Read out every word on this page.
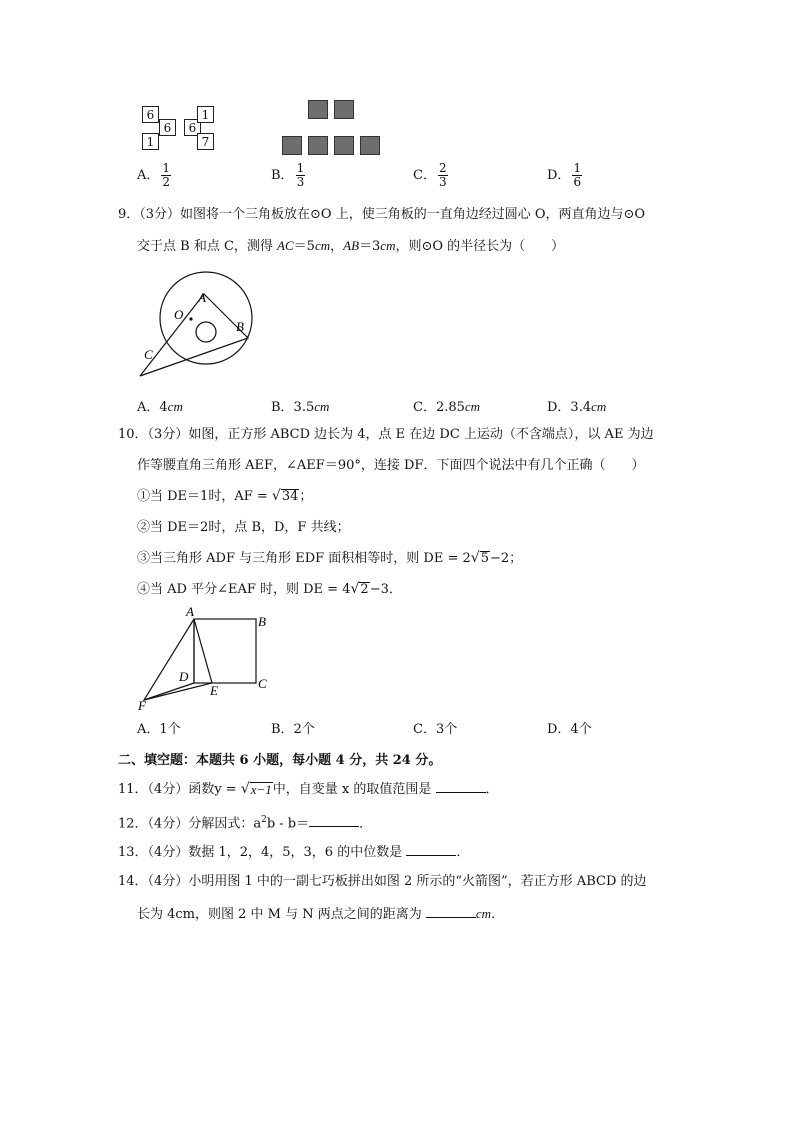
6
6
1
6
1
7
A． $\frac{1}{2}$	B． $\frac{1}{3}$	C． $\frac{2}{3}$	D． $\frac{1}{6}$
9．（3分）如图将一个三角板放在⊙O 上，使三角板的一直角边经过圆心 O，两直角边与⊙O
交于点 B 和点 C，测得 AC＝5cm，AB＝3cm，则⊙O 的半径长为（　　）
A
O
B
C
A．4cm	B．3.5cm	C．2.85cm	D．3.4cm
10．（3分）如图，正方形 ABCD 边长为 4，点 E 在边 DC 上运动（不含端点），以 AE 为边
作等腰直角三角形 AEF，∠AEF＝90°，连接 DF．下面四个说法中有几个正确（　　）
①当 DE＝1时，AF = √ 34 ；
②当 DE＝2时，点 B，D，F 共线；
③当三角形 ADF 与三角形 EDF 面积相等时，则 DE = 2 √ 5 −2；
④当 AD 平分∠EAF 时，则 DE = 4 √ 2 −3．
A
B
C
D
E
F
A．1个	B．2个	C．3个	D．4个
二、填空题：本题共 6 小题，每小题 4 分，共 24 分。
11．（4分）函数y = √ x−1 中，自变量 x 的取值范围是	．
12．（4分）分解因式：$a^2b - b=$	．
13．（4分）数据 1，2，4，5，3，6 的中位数是	．
14．（4分）小明用图 1 中的一副七巧板拼出如图 2 所示的“火箭图”，若正方形 ABCD 的边
长为 4cm，则图 2 中 M 与 N 两点之间的距离为	cm．
